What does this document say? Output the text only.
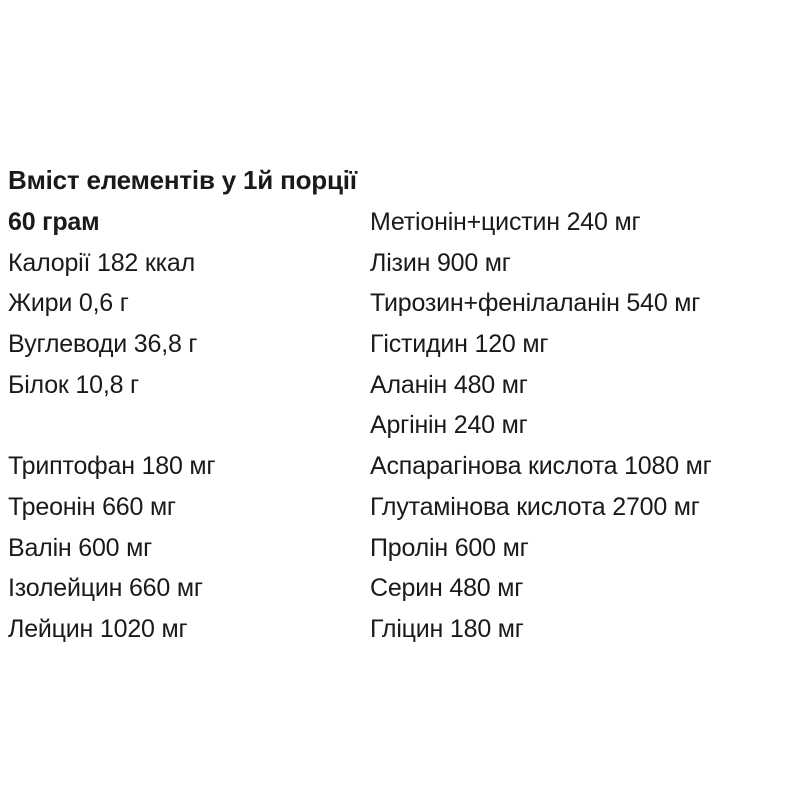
Вміст елементів у 1й порції
60 грам
Калорії 182 ккал
Жири 0,6 г
Вуглеводи 36,8 г
Білок 10,8 г
Триптофан 180 мг
Треонін 660 мг
Валін 600 мг
Ізолейцин 660 мг
Лейцин 1020 мг
Метіонін+цистин 240 мг
Лізин 900 мг
Тирозин+фенілаланін 540 мг
Гістидин 120 мг
Аланін 480 мг
Аргінін 240 мг
Аспарагінова кислота 1080 мг
Глутамінова кислота 2700 мг
Пролін 600 мг
Серин 480 мг
Гліцин 180 мг
